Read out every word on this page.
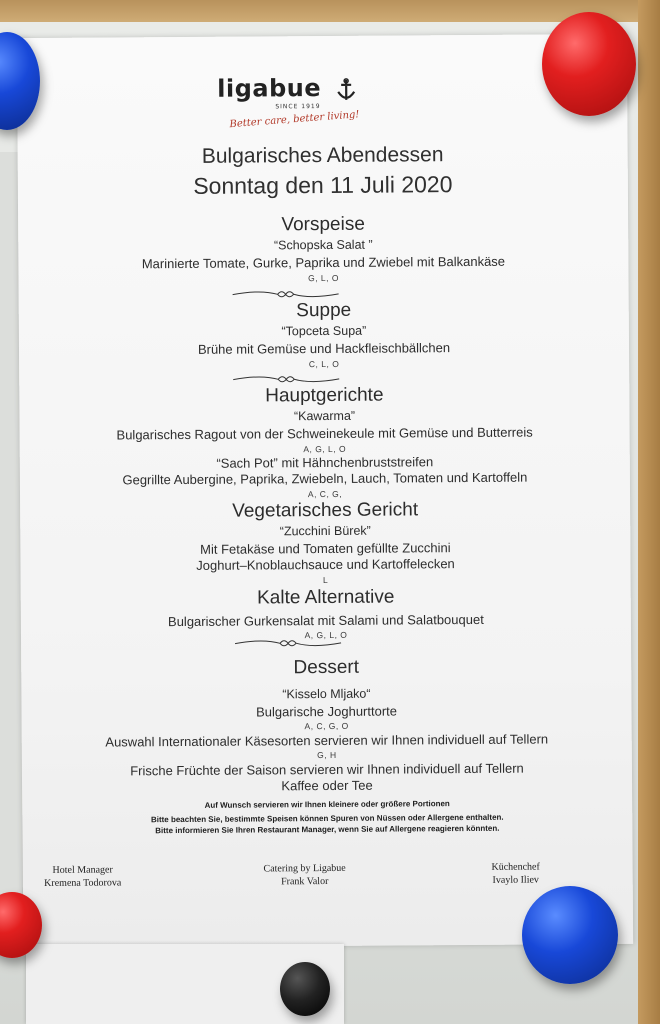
ligabue
SINCE 1919
Better care, better living!
Bulgarisches Abendessen
Sonntag den 11 Juli 2020
Vorspeise
“Schopska Salat ”
Marinierte Tomate, Gurke, Paprika und Zwiebel mit Balkankäse
G, L, O
Suppe
“Topceta Supa”
Brühe mit Gemüse und Hackfleischbällchen
C, L, O
Hauptgerichte
“Kawarma”
Bulgarisches Ragout von der Schweinekeule mit Gemüse und Butterreis
A, G, L, O
“Sach Pot” mit Hähnchenbruststreifen
Gegrillte Aubergine, Paprika, Zwiebeln, Lauch, Tomaten und Kartoffeln
A, C, G,
Vegetarisches Gericht
“Zucchini Bürek”
Mit Fetakäse und Tomaten gefüllte Zucchini
Joghurt–Knoblauchsauce und Kartoffelecken
L
Kalte Alternative
Bulgarischer Gurkensalat mit Salami und Salatbouquet
A, G, L, O
Dessert
“Kisselo Mljako“
Bulgarische Joghurttorte
A, C, G, O
Auswahl Internationaler Käsesorten servieren wir Ihnen individuell auf Tellern
G, H
Frische Früchte der Saison servieren wir Ihnen individuell auf Tellern
Kaffee oder Tee
Auf Wunsch servieren wir Ihnen kleinere oder größere Portionen
Bitte beachten Sie, bestimmte Speisen können Spuren von Nüssen oder Allergene enthalten.
Bitte informieren Sie Ihren Restaurant Manager, wenn Sie auf Allergene reagieren könnten.
Hotel Manager
Kremena Todorova
Catering by Ligabue
Frank Valor
Küchenchef
Ivaylo Iliev
